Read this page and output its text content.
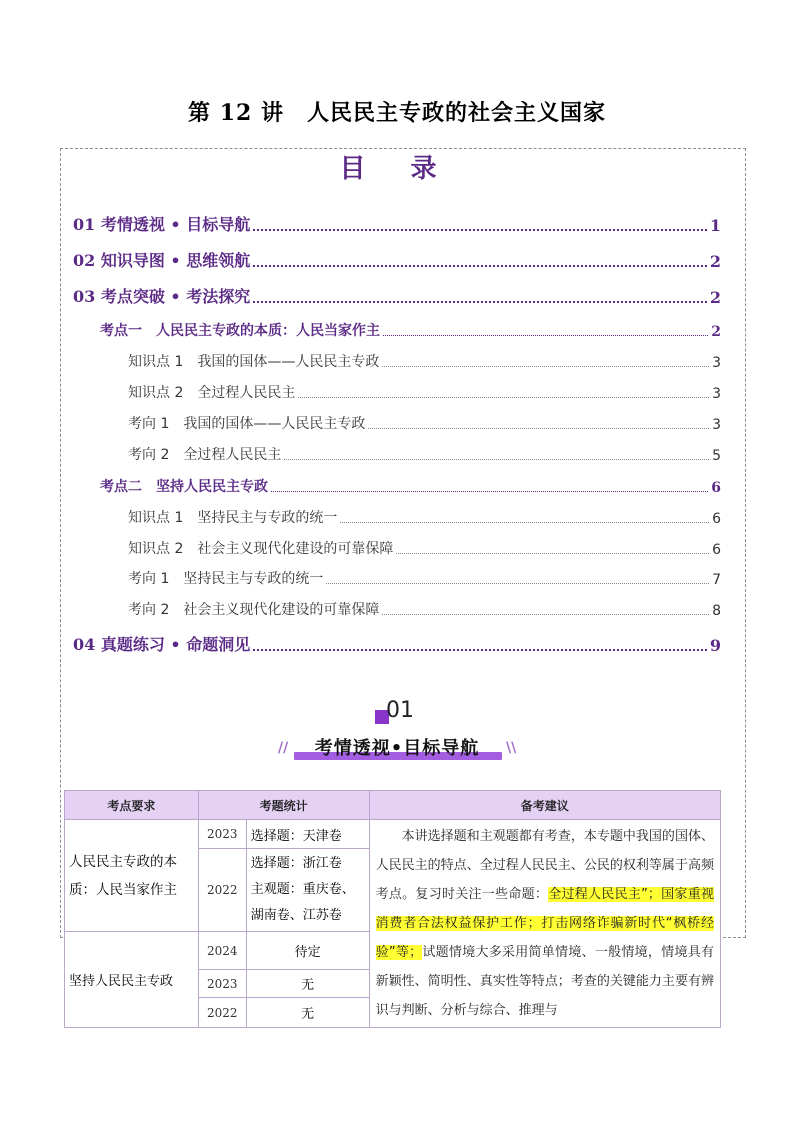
第 12 讲　人民民主专政的社会主义国家
目 录
01 考情透视 • 目标导航	1
02 知识导图 • 思维领航	2
03 考点突破 • 考法探究	2
考点一　人民民主专政的本质：人民当家作主	2
知识点 1　我国的国体——人民民主专政	3
知识点 2　全过程人民民主	3
考向 1　我国的国体——人民民主专政	3
考向 2　全过程人民民主	5
考点二　坚持人民民主专政	6
知识点 1　坚持民主与专政的统一	6
知识点 2　社会主义现代化建设的可靠保障	6
考向 1　坚持民主与专政的统一	7
考向 2　社会主义现代化建设的可靠保障	8
04 真题练习 • 命题洞见	9
01
考情透视•目标导航
//	\\
考点要求	考题统计		备考建议
人民民主专政的本质：人民当家作主	2023	选择题：天津卷	本讲选择题和主观题都有考查，本专题中我国的国体、人民民主的特点、全过程人民民主、公民的权利等属于高频考点。复习时关注一些命题：全过程人民民主”；国家重视消费者合法权益保护工作；打击网络诈骗新时代“枫桥经验”等；试题情境大多采用简单情境、一般情境，情境具有新颖性、简明性、真实性等特点；考查的关键能力主要有辨识与判断、分析与综合、推理与
	2022	选择题：浙江卷
主观题：重庆卷、湖南卷、江苏卷	
坚持人民民主专政	2024	待定	
	2023	无	
	2022	无	
